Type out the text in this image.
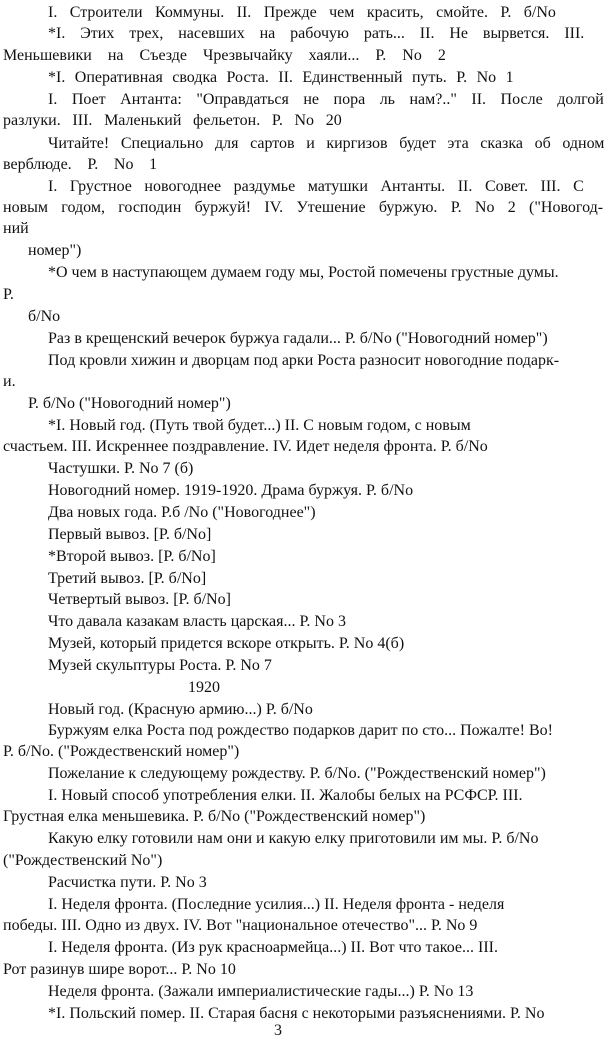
I. Строители Коммуны. II. Прежде чем красить, смойте. Р. б/No
*I. Этих трех, насевших на рабочую рать... II. Не вырвется. III.
Меньшевики на Съезде Чрезвычайку хаяли... Р. No 2
*I. Оперативная сводка Роста. II. Единственный путь. Р. No 1
I. Поет Антанта: "Оправдаться не пора ль нам?.." II. После долгой
разлуки. III. Маленький фельетон. Р. No 20
Читайте! Специально для сартов и киргизов будет эта сказка об одном
верблюде. Р. No 1
I. Грустное новогоднее раздумье матушки Антанты. II. Совет. III. С
новым годом, господин буржуй! IV. Утешение буржую. Р. No 2 ("Новогод-
ний
номер")
*О чем в наступающем думаем году мы, Ростой помечены грустные думы.
Р.
б/No
Раз в крещенский вечерок буржуа гадали... Р. б/No ("Новогодний номер")
Под кровли хижин и дворцам под арки Роста разносит новогодние подарк-
и.
Р. б/No ("Новогодний номер")
*I. Новый год. (Путь твой будет...) II. С новым годом, с новым
счастьем. III. Искреннее поздравление. IV. Идет неделя фронта. Р. б/No
Частушки. Р. No 7 (б)
Новогодний номер. 1919-1920. Драма буржуя. Р. б/No
Два новых года. Р.б /No ("Новогоднее")
Первый вывоз. [Р. б/No]
*Второй вывоз. [Р. б/No]
Третий вывоз. [Р. б/No]
Четвертый вывоз. [Р. б/No]
Что давала казакам власть царская... Р. No 3
Музей, который придется вскоре открыть. Р. No 4(б)
Музей скульптуры Роста. Р. No 7
1920
Новый год. (Красную армию...) Р. б/No
Буржуям елка Роста под рождество подарков дарит по сто... Пожалте! Во!
Р. б/No. ("Рождественский номер")
Пожелание к следующему рождеству. Р. б/No. ("Рождественский номер")
I. Новый способ употребления елки. II. Жалобы белых на РСФСР. III.
Грустная елка меньшевика. Р. б/No ("Рождественский номер")
Какую елку готовили нам они и какую елку приготовили им мы. Р. б/No
("Рождественский No")
Расчистка пути. Р. No 3
I. Неделя фронта. (Последние усилия...) II. Неделя фронта - неделя
победы. III. Одно из двух. IV. Вот "национальное отечество"... Р. No 9
I. Неделя фронта. (Из рук красноармейца...) II. Вот что такое... III.
Рот разинув шире ворот... Р. No 10
Неделя фронта. (Зажали империалистические гады...) Р. No 13
*I. Польский помер. II. Старая басня с некоторыми разъяснениями. Р. No
3
